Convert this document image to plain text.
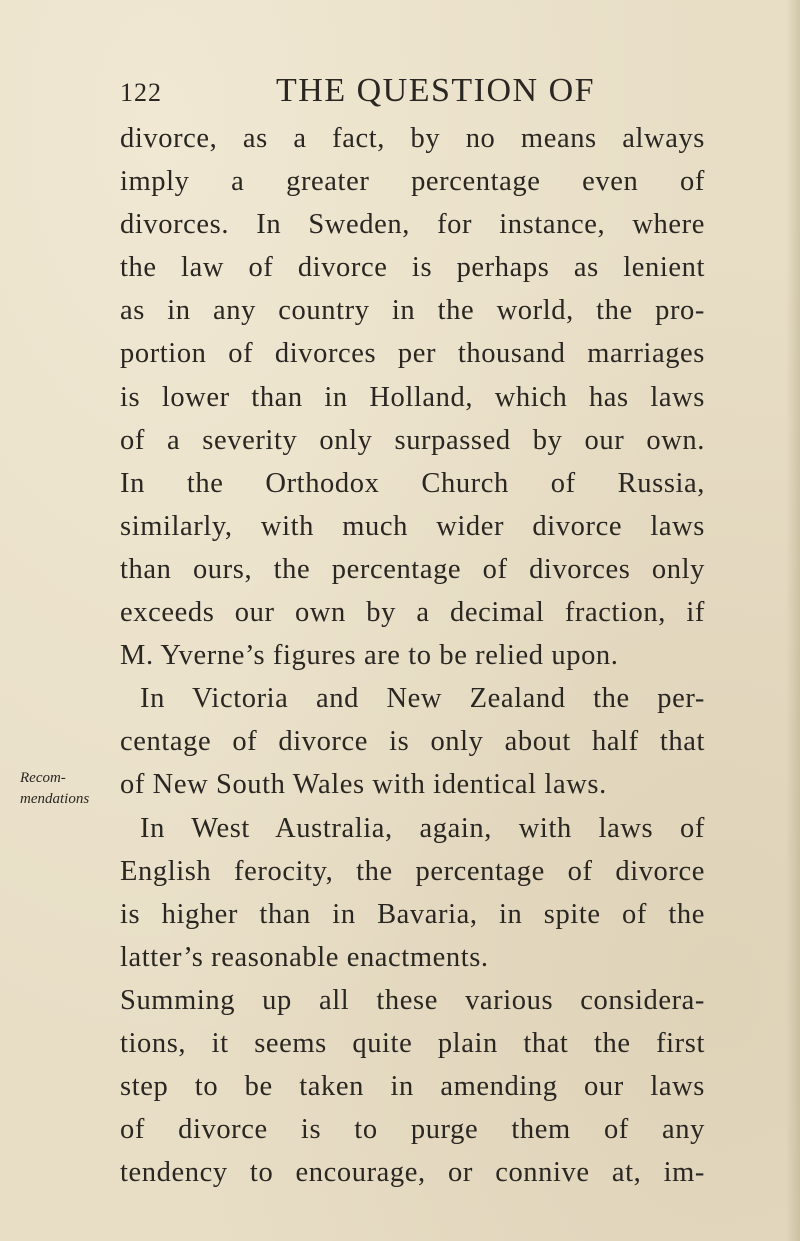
122	THE QUESTION OF
Recom-
mendations
divorce, as a fact, by no means always
imply a greater percentage even of
divorces. In Sweden, for instance, where
the law of divorce is perhaps as lenient
as in any country in the world, the pro-
portion of divorces per thousand marriages
is lower than in Holland, which has laws
of a severity only surpassed by our own.
In the Orthodox Church of Russia,
similarly, with much wider divorce laws
than ours, the percentage of divorces only
exceeds our own by a decimal fraction, if
M. Yverne’s figures are to be relied upon.
In Victoria and New Zealand the per-
centage of divorce is only about half that
of New South Wales with identical laws.
In West Australia, again, with laws of
English ferocity, the percentage of divorce
is higher than in Bavaria, in spite of the
latter’s reasonable enactments.
Summing up all these various considera-
tions, it seems quite plain that the first
step to be taken in amending our laws
of divorce is to purge them of any
tendency to encourage, or connive at, im-
